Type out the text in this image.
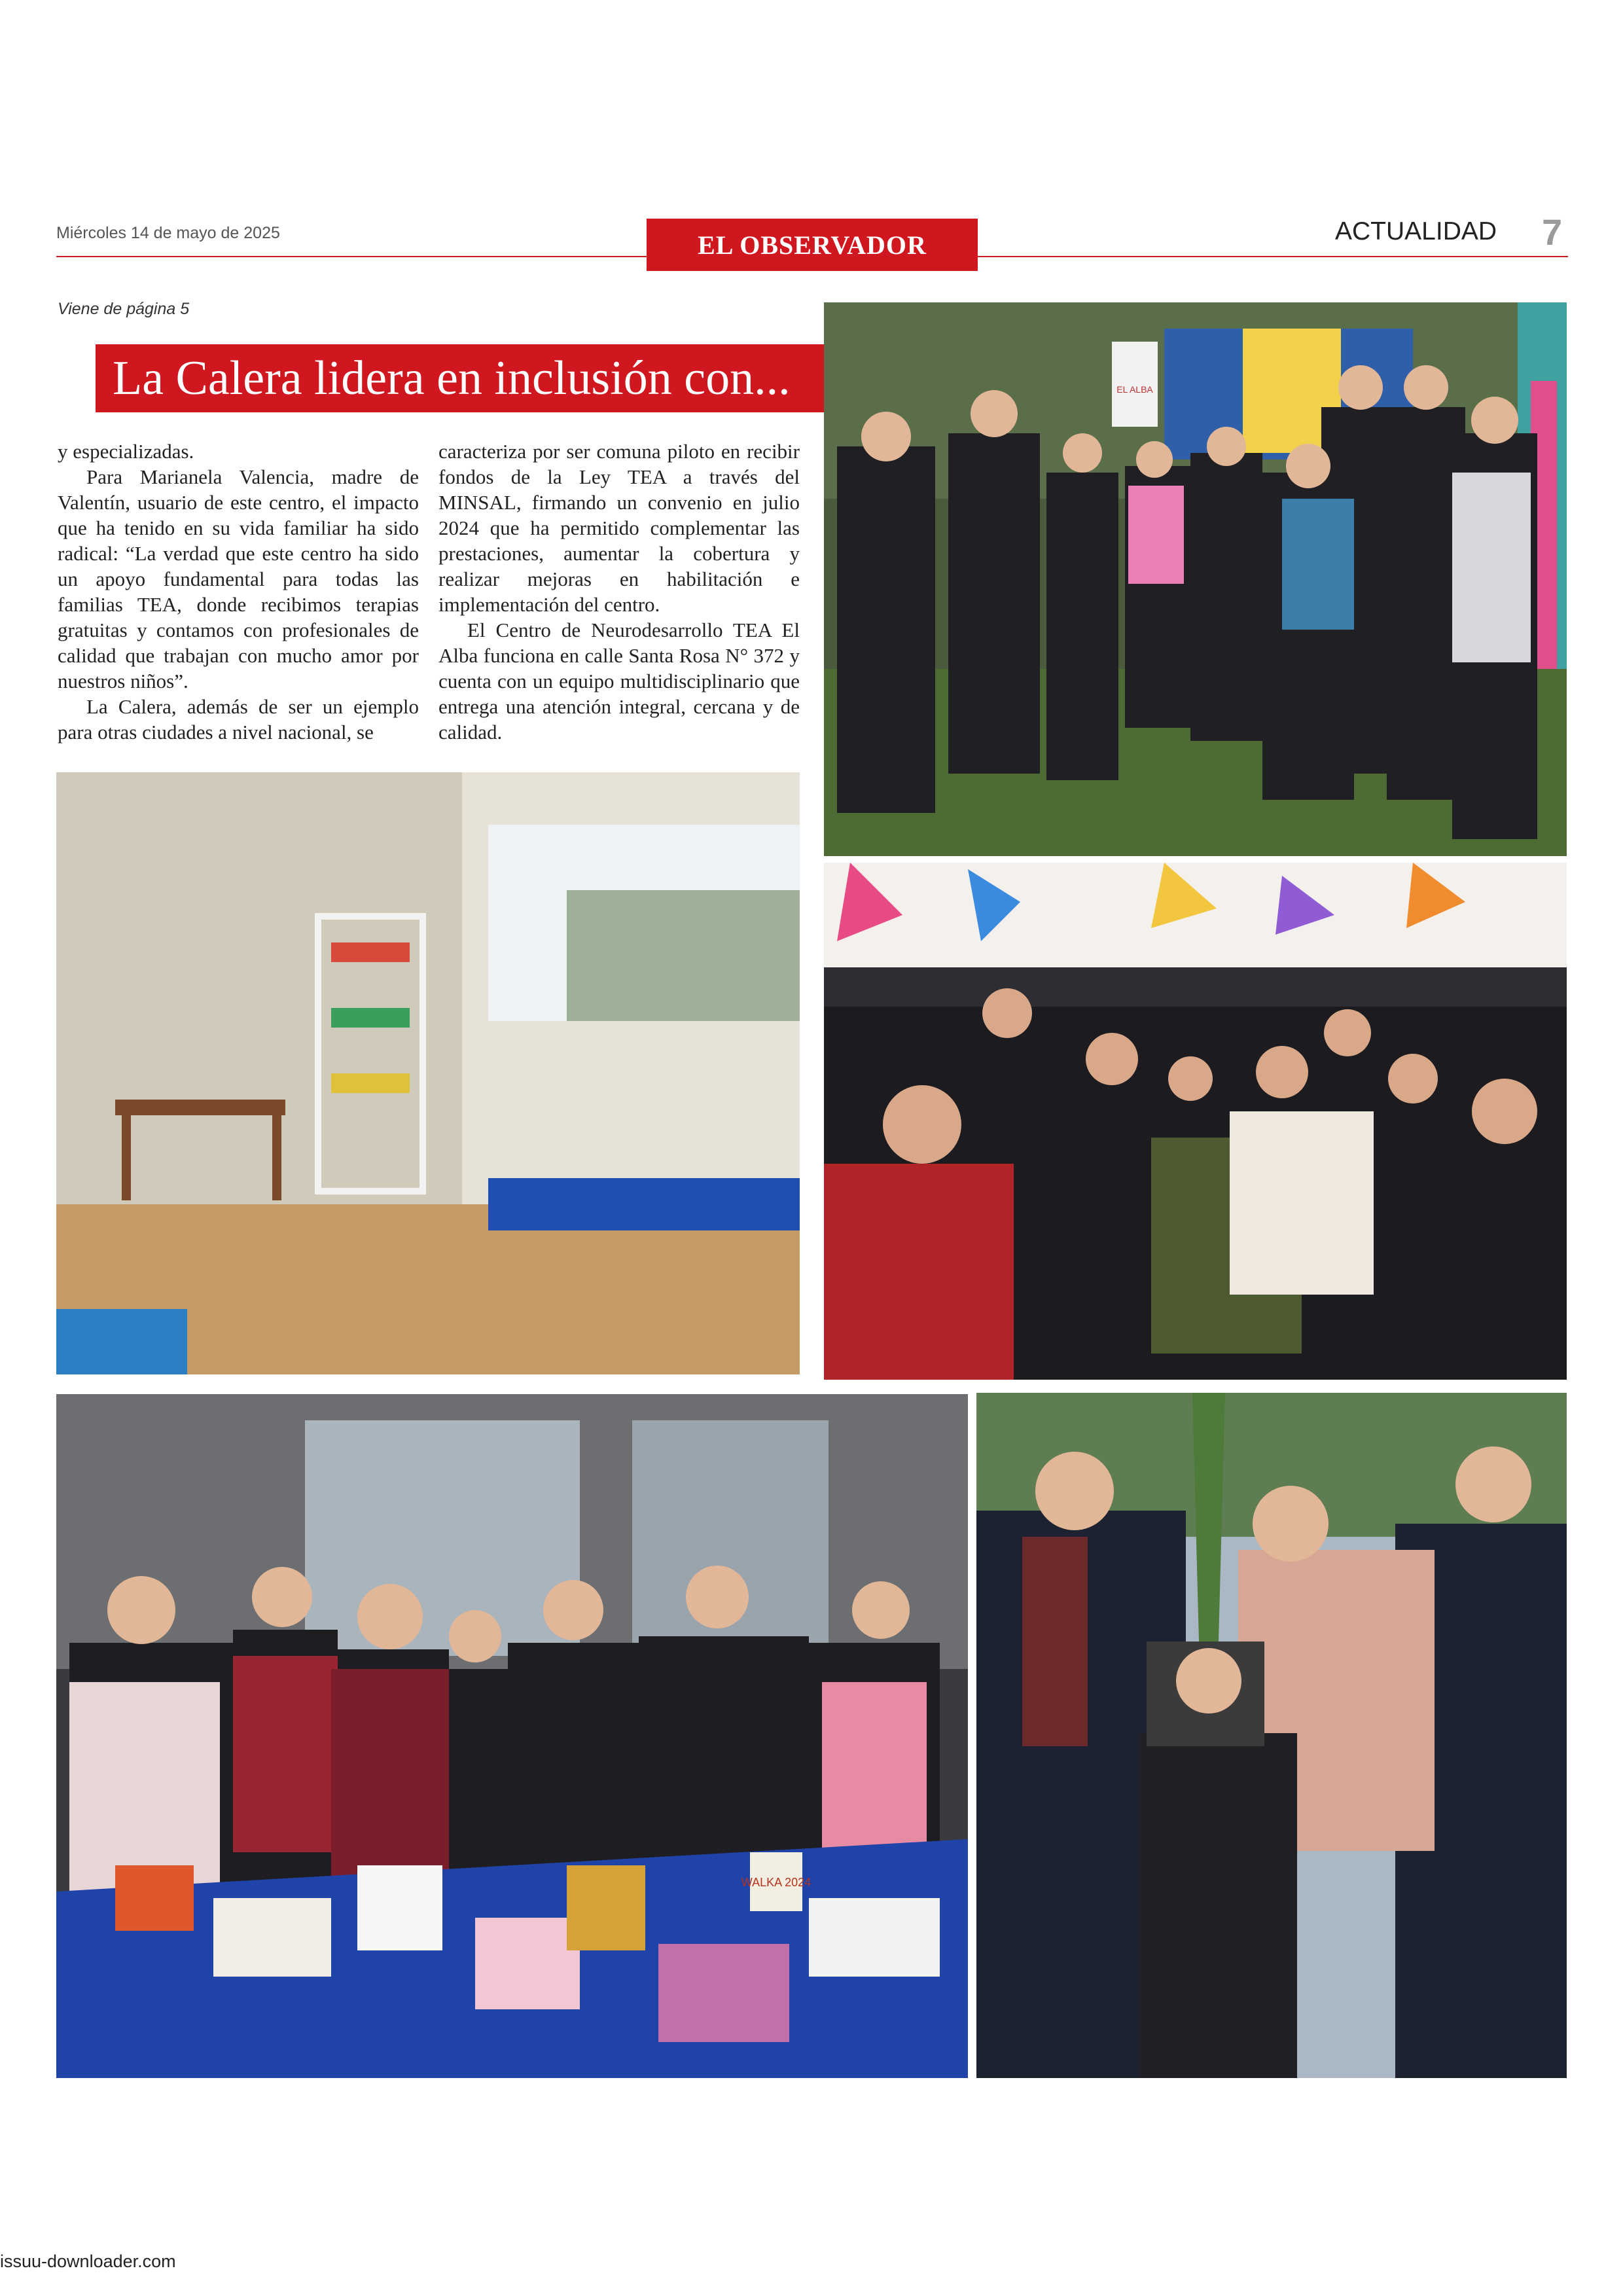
Miércoles 14 de mayo de 2025	EL OBSERVADOR	ACTUALIDAD 7
Viene de página 5
La Calera lidera en inclusión con...

y especializadas.

Para Marianela Valencia, madre de Valentín, usuario de este centro, el impacto que ha tenido en su vida familiar ha sido radical: “La verdad que este centro ha sido un apoyo fundamental para todas las familias TEA, donde recibimos terapias gratuitas y contamos con profesionales de calidad que trabajan con mucho amor por nuestros niños”.

La Calera, además de ser un ejemplo para otras ciudades a nivel nacional, se

caracteriza por ser comuna piloto en recibir fondos de la Ley TEA a través del MINSAL, firmando un convenio en julio 2024 que ha permitido complementar las prestaciones, aumentar la cobertura y realizar mejoras en habilitación e implementación del centro.

El Centro de Neurodesarrollo TEA El Alba funciona en calle Santa Rosa N° 372 y cuenta con un equipo multidisciplinario que entrega una atención integral, cercana y de calidad.

EL ALBA
WALKA 2024
issuu-downloader.com
